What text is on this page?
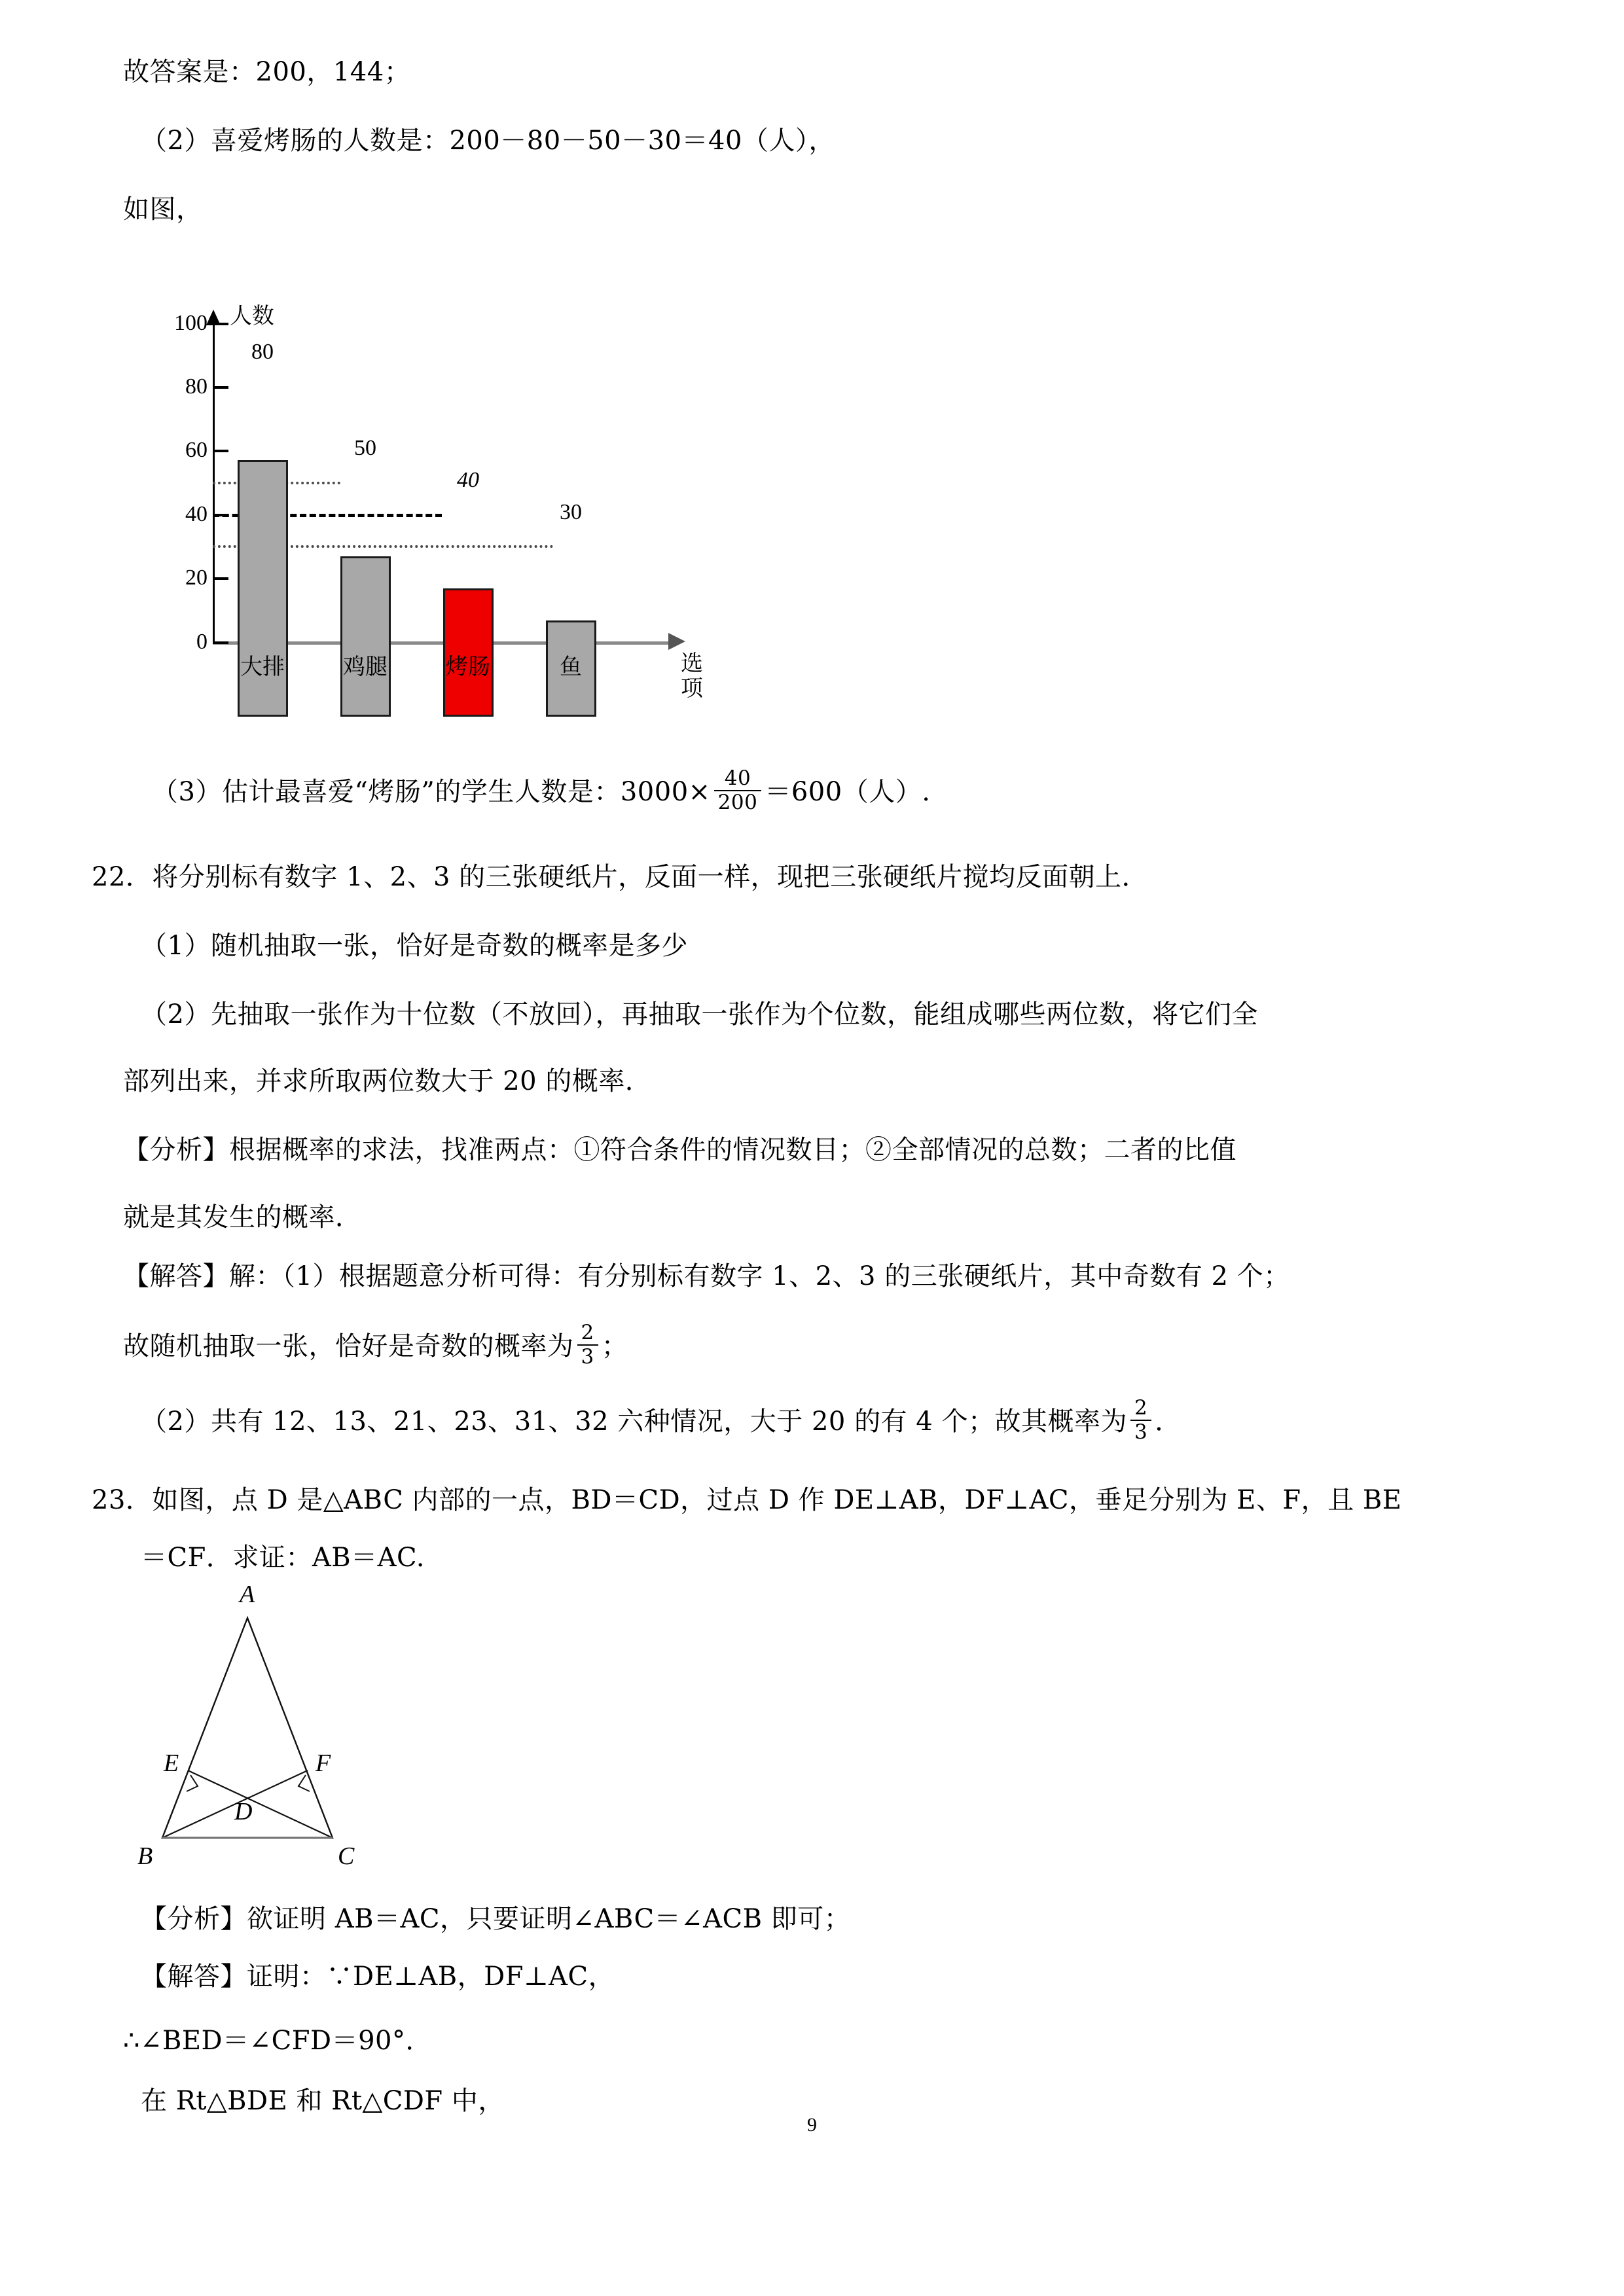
故答案是：200，144；
（2）喜爱烤肠的人数是：200－80－50－30＝40（人），
如图，
人数
选项
0
20
40
60
80
100
80
50
40
30
大排	鸡腿	烤肠	鱼
（3）估计最喜爱“烤肠”的学生人数是：$3000\times \frac{40}{200} =600$（人）.
22．将分别标有数字 1、2、3 的三张硬纸片，反面一样，现把三张硬纸片搅均反面朝上．
（1）随机抽取一张，恰好是奇数的概率是多少
（2）先抽取一张作为十位数（不放回），再抽取一张作为个位数，能组成哪些两位数，将它们全
部列出来，并求所取两位数大于 20 的概率．
【分析】根据概率的求法，找准两点：①符合条件的情况数目；②全部情况的总数；二者的比值
就是其发生的概率．
【解答】解：（1）根据题意分析可得：有分别标有数字 1、2、3 的三张硬纸片，其中奇数有 2 个；
故随机抽取一张，恰好是奇数的概率为 $\frac{2}{3}$ ；
（2）共有 12、13、21、23、31、32 六种情况，大于 20 的有 4 个；故其概率为 $\frac{2}{3}$ ．
23．如图，点 D 是△ABC 内部的一点，BD＝CD，过点 D 作 DE⊥AB，DF⊥AC，垂足分别为 E、F，且 BE
＝CF．求证：AB＝AC.
A
B	C
D
E	F
【分析】欲证明 AB＝AC，只要证明∠ABC＝∠ACB 即可；
【解答】证明：∵DE⊥AB，DF⊥AC，
∴∠BED＝∠CFD＝90°．
在 Rt△BDE 和 Rt△CDF 中，
9
